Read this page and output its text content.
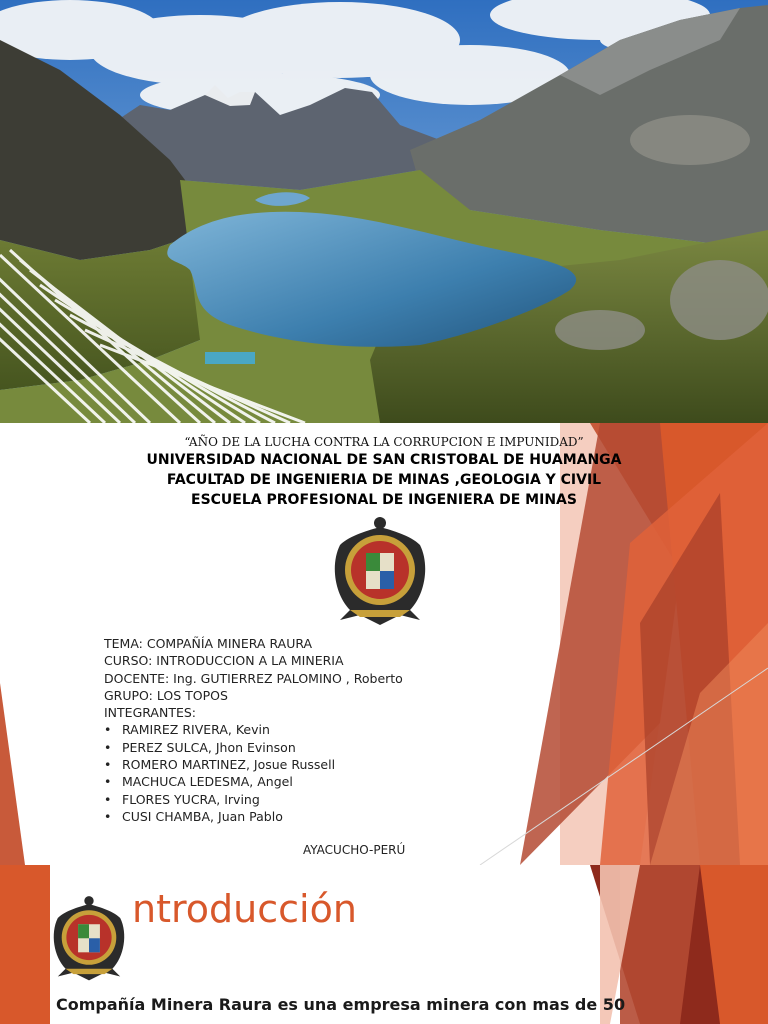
“AÑO DE LA LUCHA CONTRA LA CORRUPCION E IMPUNIDAD”
UNIVERSIDAD NACIONAL DE SAN CRISTOBAL DE HUAMANGA
FACULTAD DE INGENIERIA DE MINAS ,GEOLOGIA Y CIVIL
ESCUELA PROFESIONAL DE INGENIERA DE MINAS
TEMA: COMPAÑÍA MINERA RAURA
CURSO: INTRODUCCION A LA MINERIA
DOCENTE: Ing. GUTIERREZ PALOMINO , Roberto
GRUPO: LOS TOPOS
INTEGRANTES:
• RAMIREZ RIVERA, Kevin
• PEREZ SULCA, Jhon Evinson
• ROMERO MARTINEZ, Josue Russell
• MACHUCA LEDESMA, Angel
• FLORES YUCRA, Irving
• CUSI CHAMBA, Juan Pablo
AYACUCHO-PERÚ
ntroducción
Compañía Minera Raura es una empresa minera con mas de 50
